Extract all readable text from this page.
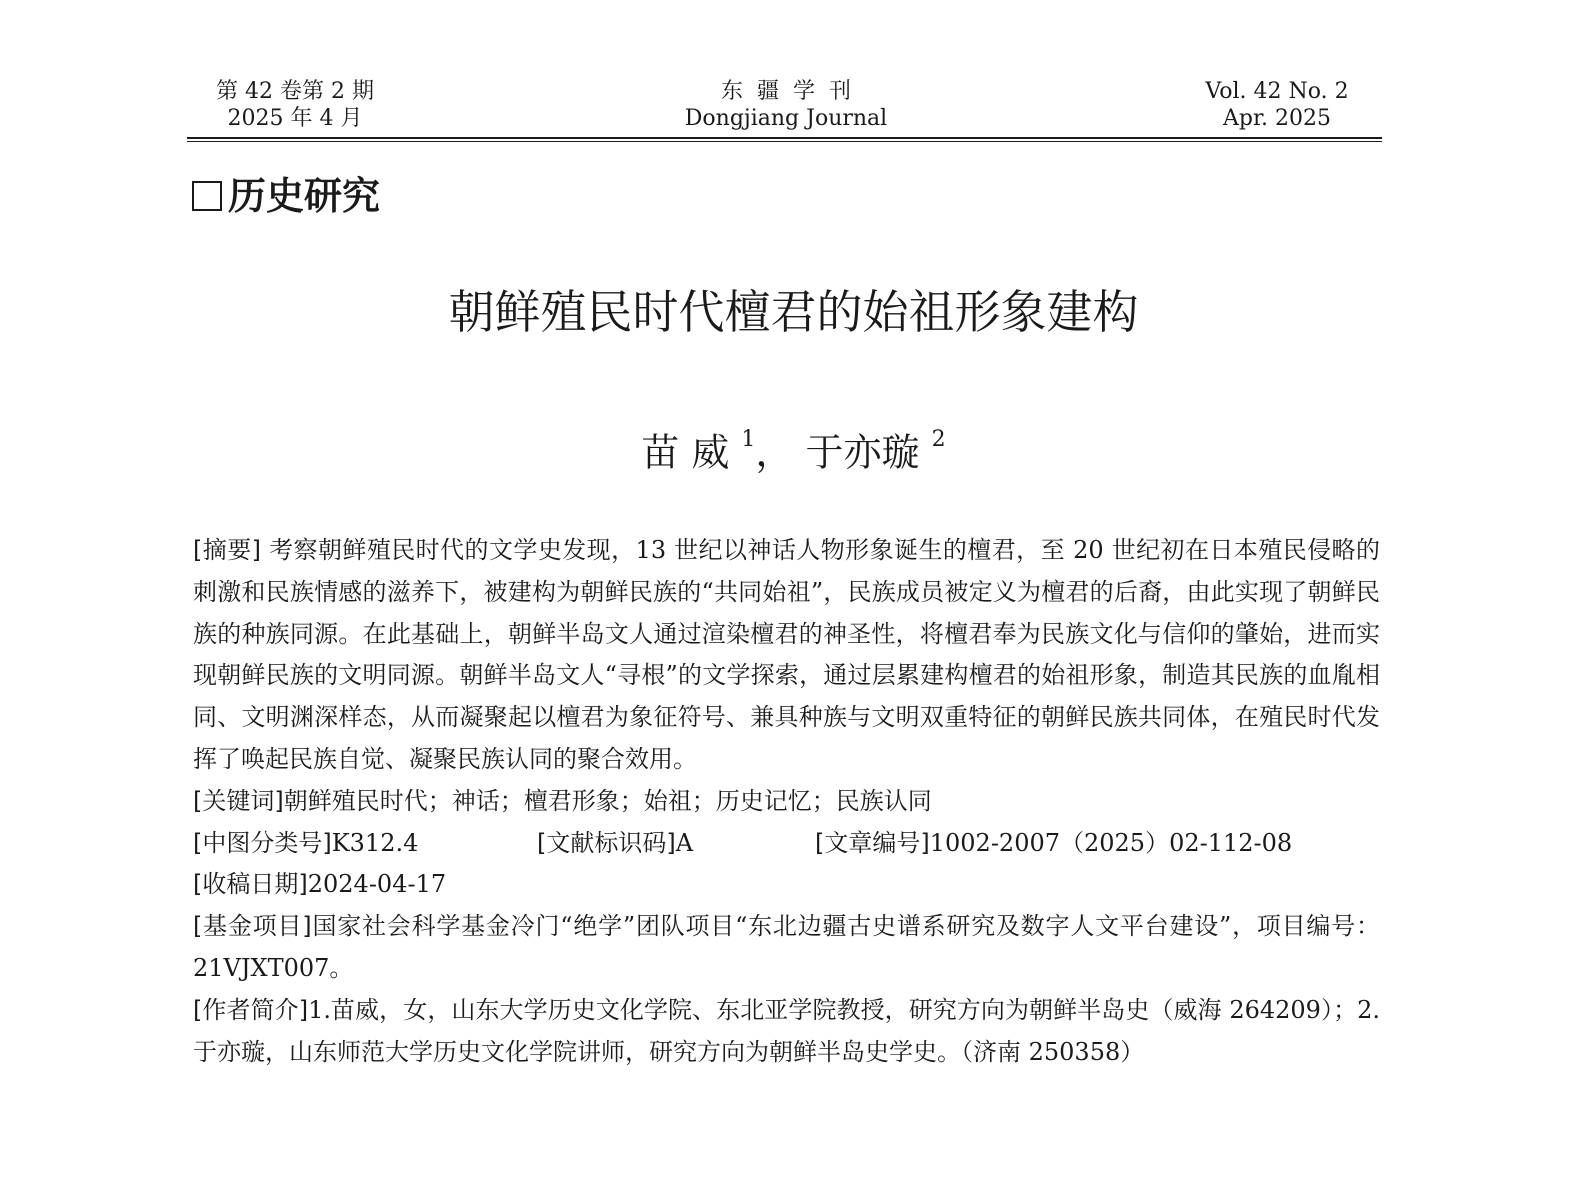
第 42 卷第 2 期
2025 年 4 月
东疆学刊
Dongjiang Journal
Vol. 42 No. 2
Apr. 2025
历史研究
朝鲜殖民时代檀君的始祖形象建构
苗威$^1$， 于亦璇 $^2$

[摘要] 考察朝鲜殖民时代的文学史发现，13 世纪以神话人物形象诞生的檀君，至 20 世纪初在日本殖民侵略的刺激和民族情感的滋养下，被建构为朝鲜民族的“共同始祖”，民族成员被定义为檀君的后裔，由此实现了朝鲜民族的种族同源。在此基础上，朝鲜半岛文人通过渲染檀君的神圣性，将檀君奉为民族文化与信仰的肇始，进而实现朝鲜民族的文明同源。朝鲜半岛文人“寻根”的文学探索，通过层累建构檀君的始祖形象，制造其民族的血胤相同、文明渊深样态，从而凝聚起以檀君为象征符号、兼具种族与文明双重特征的朝鲜民族共同体，在殖民时代发挥了唤起民族自觉、凝聚民族认同的聚合效用。

[关键词]朝鲜殖民时代；神话；檀君形象；始祖；历史记忆；民族认同

[中图分类号]K312.4	[文献标识码]A	[文章编号]1002-2007（2025）02-112-08

[收稿日期]2024-04-17

[基金项目]国家社会科学基金冷门“绝学”团队项目“东北边疆古史谱系研究及数字人文平台建设”，项目编号：21VJXT007。

[作者简介]1.苗威，女，山东大学历史文化学院、东北亚学院教授，研究方向为朝鲜半岛史（威海 264209）；2.于亦璇，山东师范大学历史文化学院讲师，研究方向为朝鲜半岛史学史。（济南 250358）
